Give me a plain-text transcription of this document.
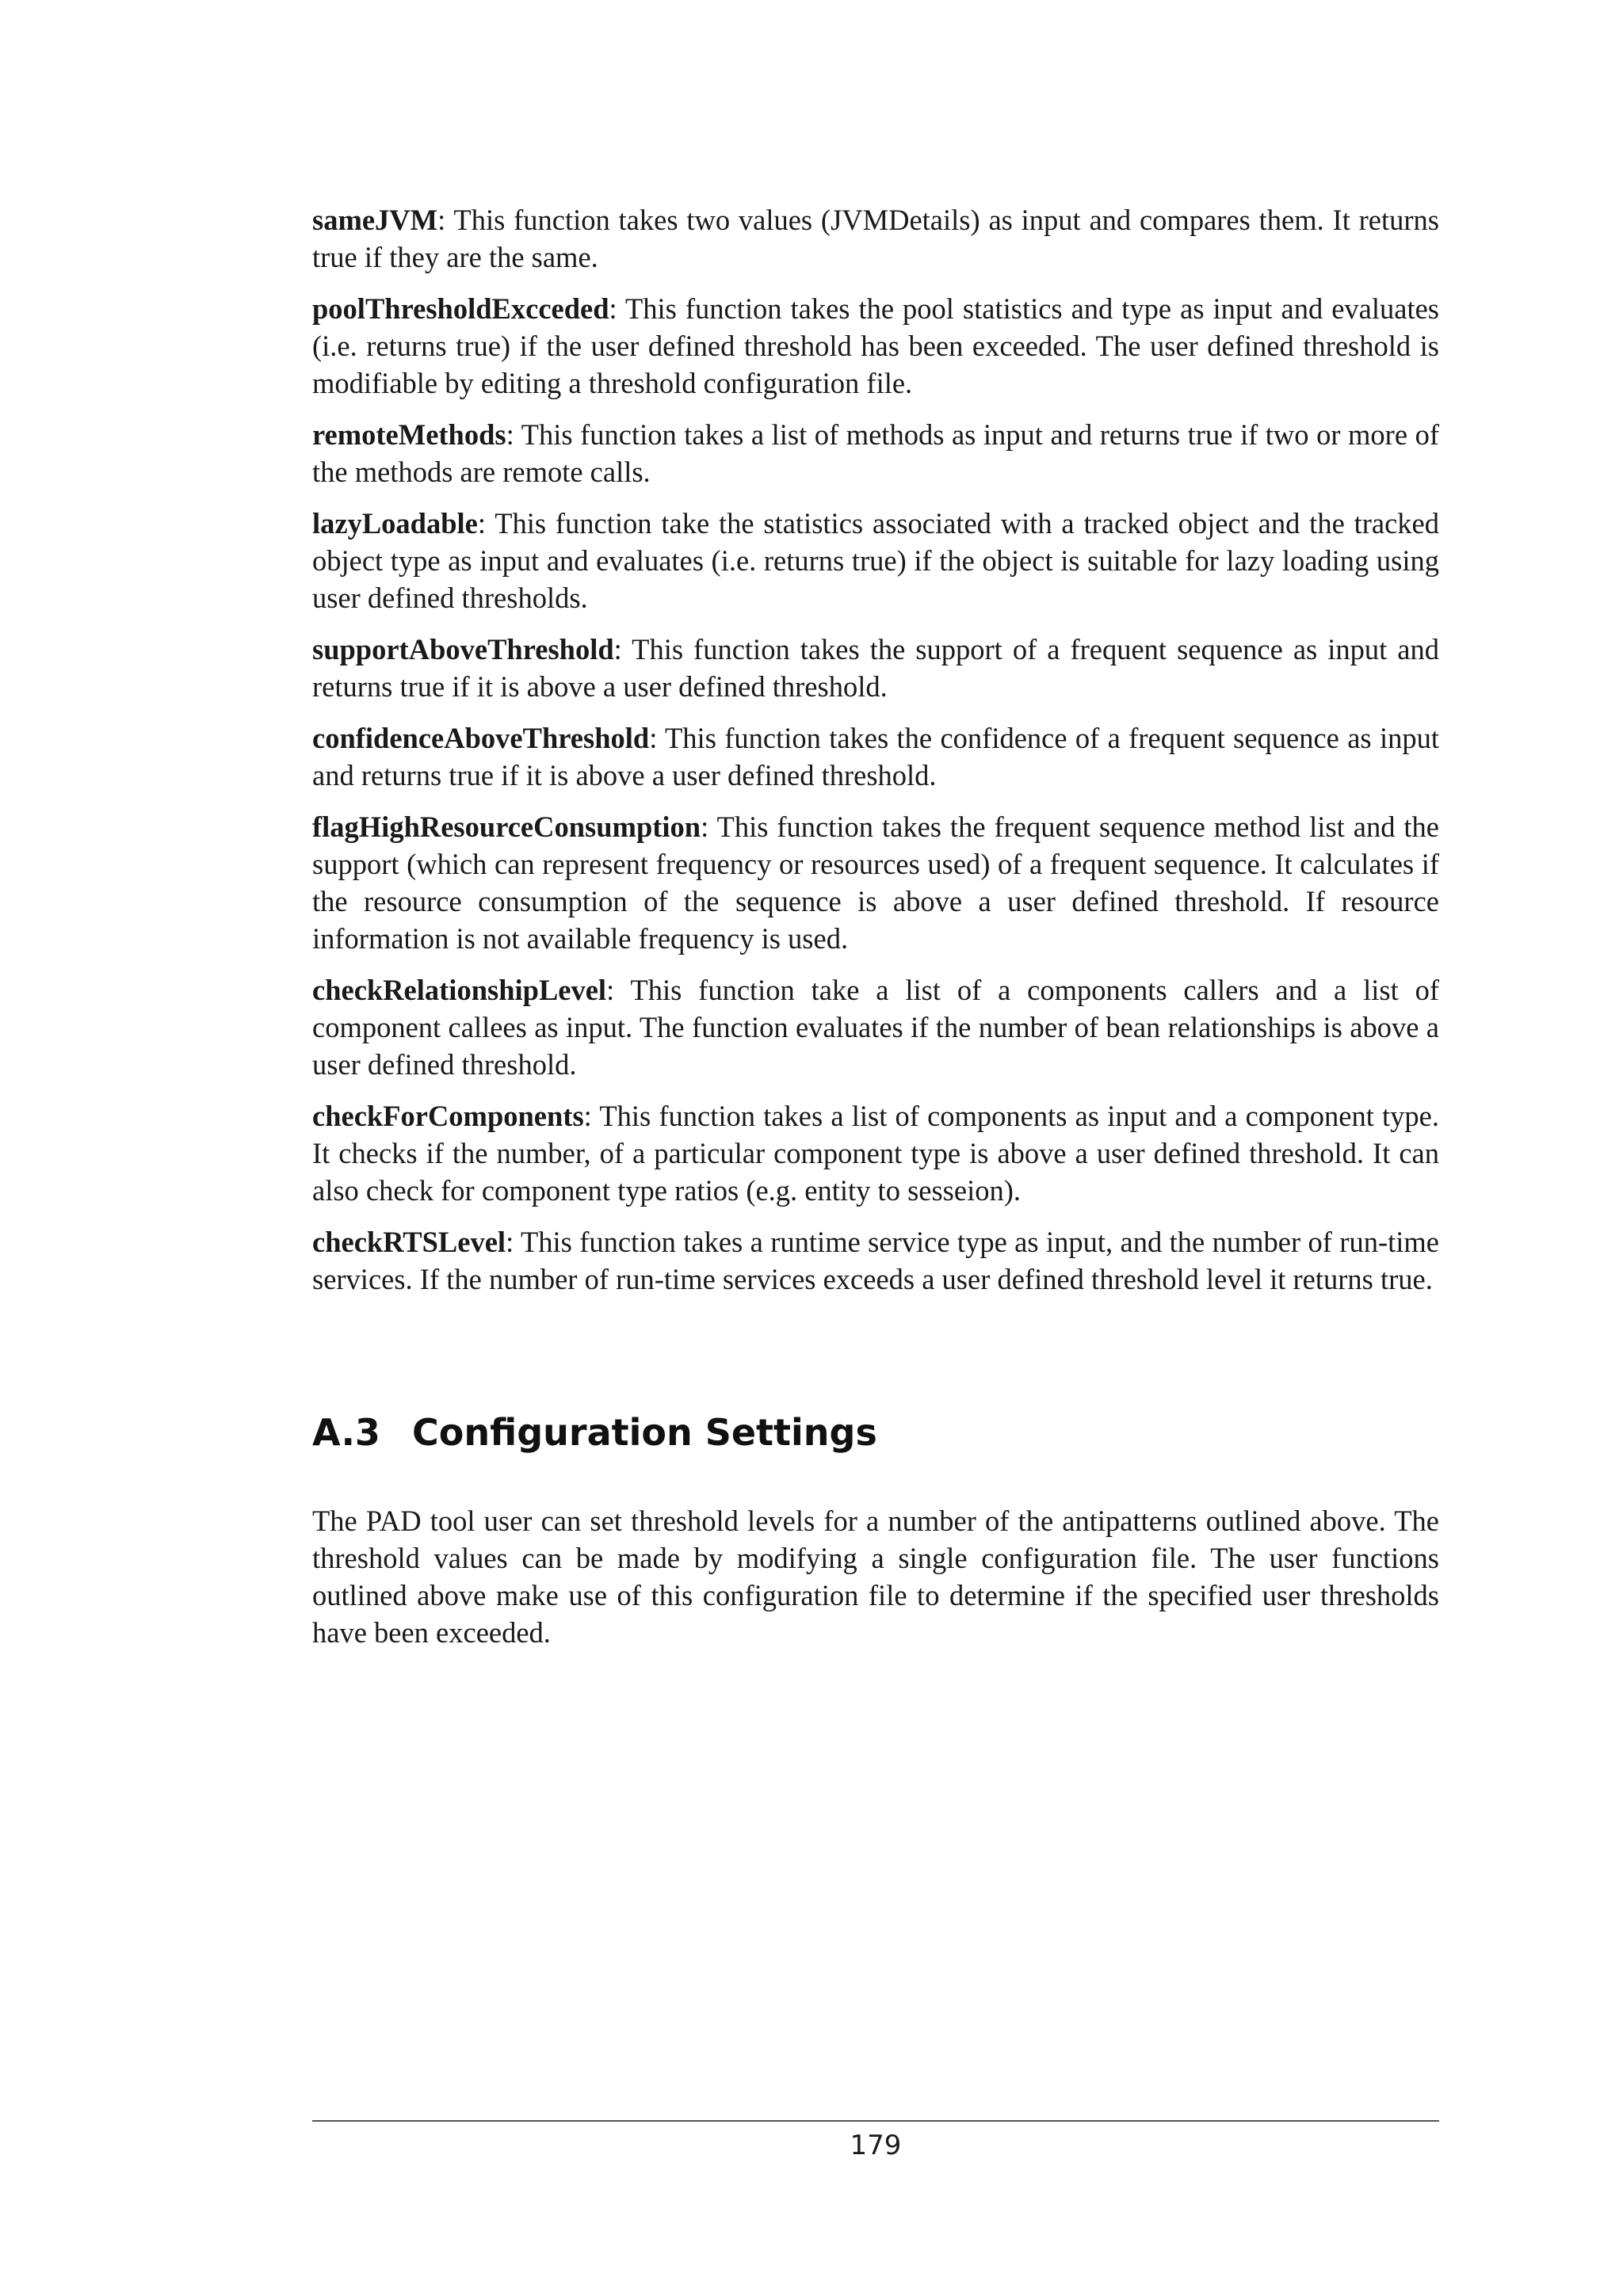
sameJVM: This function takes two values (JVMDetails) as input and compares them. It returns true if they are the same.

poolThresholdExcceded: This function takes the pool statistics and type as input and evaluates (i.e. returns true) if the user defined threshold has been exceeded. The user defined threshold is modifiable by editing a threshold configuration file.

remoteMethods: This function takes a list of methods as input and returns true if two or more of the methods are remote calls.

lazyLoadable: This function take the statistics associated with a tracked object and the tracked object type as input and evaluates (i.e. returns true) if the object is suitable for lazy loading using user defined thresholds.

supportAboveThreshold: This function takes the support of a frequent sequence as input and returns true if it is above a user defined threshold.

confidenceAboveThreshold: This function takes the confidence of a frequent sequence as input and returns true if it is above a user defined threshold.

flagHighResourceConsumption: This function takes the frequent sequence method list and the support (which can represent frequency or resources used) of a frequent sequence. It calculates if the resource consumption of the sequence is above a user defined threshold. If resource information is not available frequency is used.

checkRelationshipLevel: This function take a list of a components callers and a list of component callees as input. The function evaluates if the number of bean relationships is above a user defined threshold.

checkForComponents: This function takes a list of components as input and a component type. It checks if the number, of a particular component type is above a user defined threshold. It can also check for component type ratios (e.g. entity to sesseion).

checkRTSLevel: This function takes a runtime service type as input, and the number of run-time services. If the number of run-time services exceeds a user defined threshold level it returns true.

A.3 Configuration Settings

The PAD tool user can set threshold levels for a number of the antipatterns outlined above. The threshold values can be made by modifying a single configuration file. The user functions outlined above make use of this configuration file to determine if the specified user thresholds have been exceeded.

179
